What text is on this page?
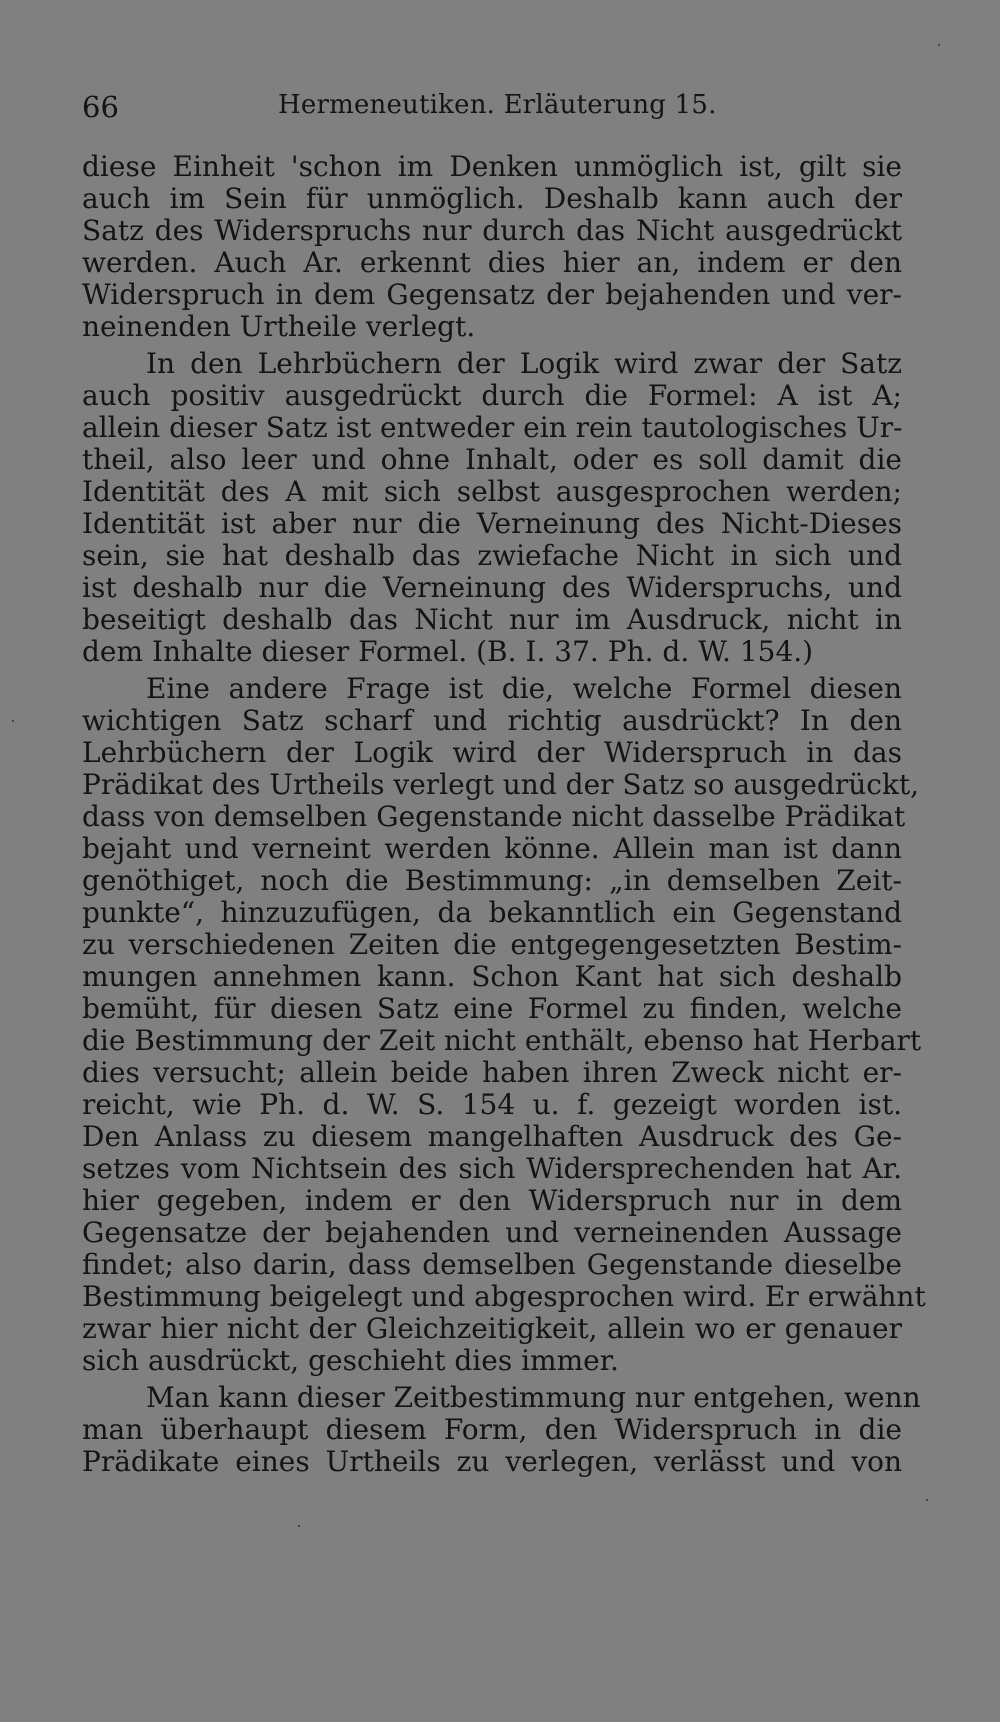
66	Hermeneutiken. Erläuterung 15.
diese Einheit 'schon im Denken unmöglich ist, gilt sie
auch im Sein für unmöglich. Deshalb kann auch der
Satz des Widerspruchs nur durch das Nicht ausgedrückt
werden. Auch Ar. erkennt dies hier an, indem er den
Widerspruch in dem Gegensatz der bejahenden und ver-
neinenden Urtheile verlegt.
In den Lehrbüchern der Logik wird zwar der Satz
auch positiv ausgedrückt durch die Formel: A ist A;
allein dieser Satz ist entweder ein rein tautologisches Ur-
theil, also leer und ohne Inhalt, oder es soll damit die
Identität des A mit sich selbst ausgesprochen werden;
Identität ist aber nur die Verneinung des Nicht-Dieses
sein, sie hat deshalb das zwiefache Nicht in sich und
ist deshalb nur die Verneinung des Widerspruchs, und
beseitigt deshalb das Nicht nur im Ausdruck, nicht in
dem Inhalte dieser Formel. (B. I. 37. Ph. d. W. 154.)
Eine andere Frage ist die, welche Formel diesen
wichtigen Satz scharf und richtig ausdrückt? In den
Lehrbüchern der Logik wird der Widerspruch in das
Prädikat des Urtheils verlegt und der Satz so ausgedrückt,
dass von demselben Gegenstande nicht dasselbe Prädikat
bejaht und verneint werden könne. Allein man ist dann
genöthiget, noch die Bestimmung: „in demselben Zeit-
punkte“, hinzuzufügen, da bekanntlich ein Gegenstand
zu verschiedenen Zeiten die entgegengesetzten Bestim-
mungen annehmen kann. Schon Kant hat sich deshalb
bemüht, für diesen Satz eine Formel zu finden, welche
die Bestimmung der Zeit nicht enthält, ebenso hat Herbart
dies versucht; allein beide haben ihren Zweck nicht er-
reicht, wie Ph. d. W. S. 154 u. f. gezeigt worden ist.
Den Anlass zu diesem mangelhaften Ausdruck des Ge-
setzes vom Nichtsein des sich Widersprechenden hat Ar.
hier gegeben, indem er den Widerspruch nur in dem
Gegensatze der bejahenden und verneinenden Aussage
findet; also darin, dass demselben Gegenstande dieselbe
Bestimmung beigelegt und abgesprochen wird. Er erwähnt
zwar hier nicht der Gleichzeitigkeit, allein wo er genauer
sich ausdrückt, geschieht dies immer.
Man kann dieser Zeitbestimmung nur entgehen, wenn
man überhaupt diesem Form, den Widerspruch in die
Prädikate eines Urtheils zu verlegen, verlässt und von
